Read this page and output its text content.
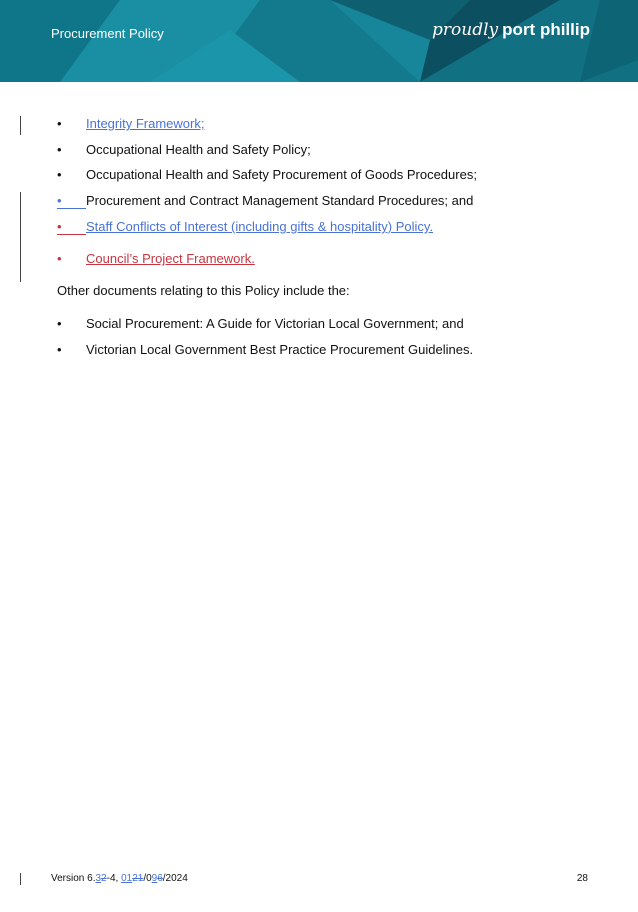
Procurement Policy	proudly port phillip
• Integrity Framework;
• Occupational Health and Safety Policy;
• Occupational Health and Safety Procurement of Goods Procedures;
• Procurement and Contract Management Standard Procedures; and
• Staff Conflicts of Interest (including gifts & hospitality) Policy.
• Council’s Project Framework.
Other documents relating to this Policy include the:
• Social Procurement: A Guide for Victorian Local Government; and
• Victorian Local Government Best Practice Procurement Guidelines.
Version 6.32-4, 0121/096/2024	28
